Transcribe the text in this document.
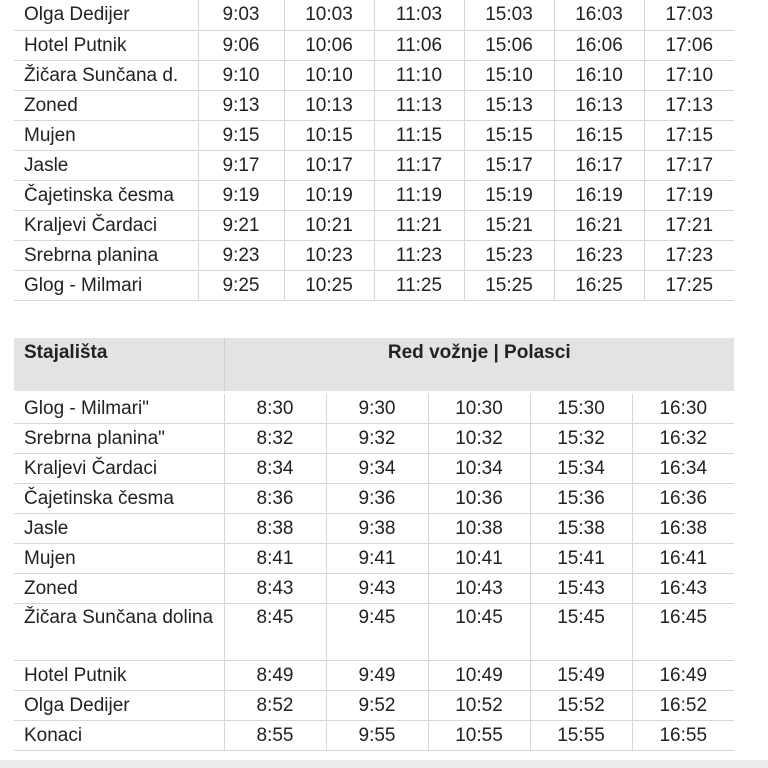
Olga Dedijer	9:03	10:03	11:03	15:03	16:03	17:03
Hotel Putnik	9:06	10:06	11:06	15:06	16:06	17:06
Žičara Sunčana d.	9:10	10:10	11:10	15:10	16:10	17:10
Zoned	9:13	10:13	11:13	15:13	16:13	17:13
Mujen	9:15	10:15	11:15	15:15	16:15	17:15
Jasle	9:17	10:17	11:17	15:17	16:17	17:17
Čajetinska česma	9:19	10:19	11:19	15:19	16:19	17:19
Kraljevi Čardaci	9:21	10:21	11:21	15:21	16:21	17:21
Srebrna planina	9:23	10:23	11:23	15:23	16:23	17:23
Glog - Milmari	9:25	10:25	11:25	15:25	16:25	17:25
Stajališta	Red vožnje | Polasci				

Glog - Milmari"	8:30	9:30	10:30	15:30	16:30
Srebrna planina"	8:32	9:32	10:32	15:32	16:32
Kraljevi Čardaci	8:34	9:34	10:34	15:34	16:34
Čajetinska česma	8:36	9:36	10:36	15:36	16:36
Jasle	8:38	9:38	10:38	15:38	16:38
Mujen	8:41	9:41	10:41	15:41	16:41
Zoned	8:43	9:43	10:43	15:43	16:43
Žičara Sunčana dolina	8:45	9:45	10:45	15:45	16:45
Hotel Putnik	8:49	9:49	10:49	15:49	16:49
Olga Dedijer	8:52	9:52	10:52	15:52	16:52
Konaci	8:55	9:55	10:55	15:55	16:55
